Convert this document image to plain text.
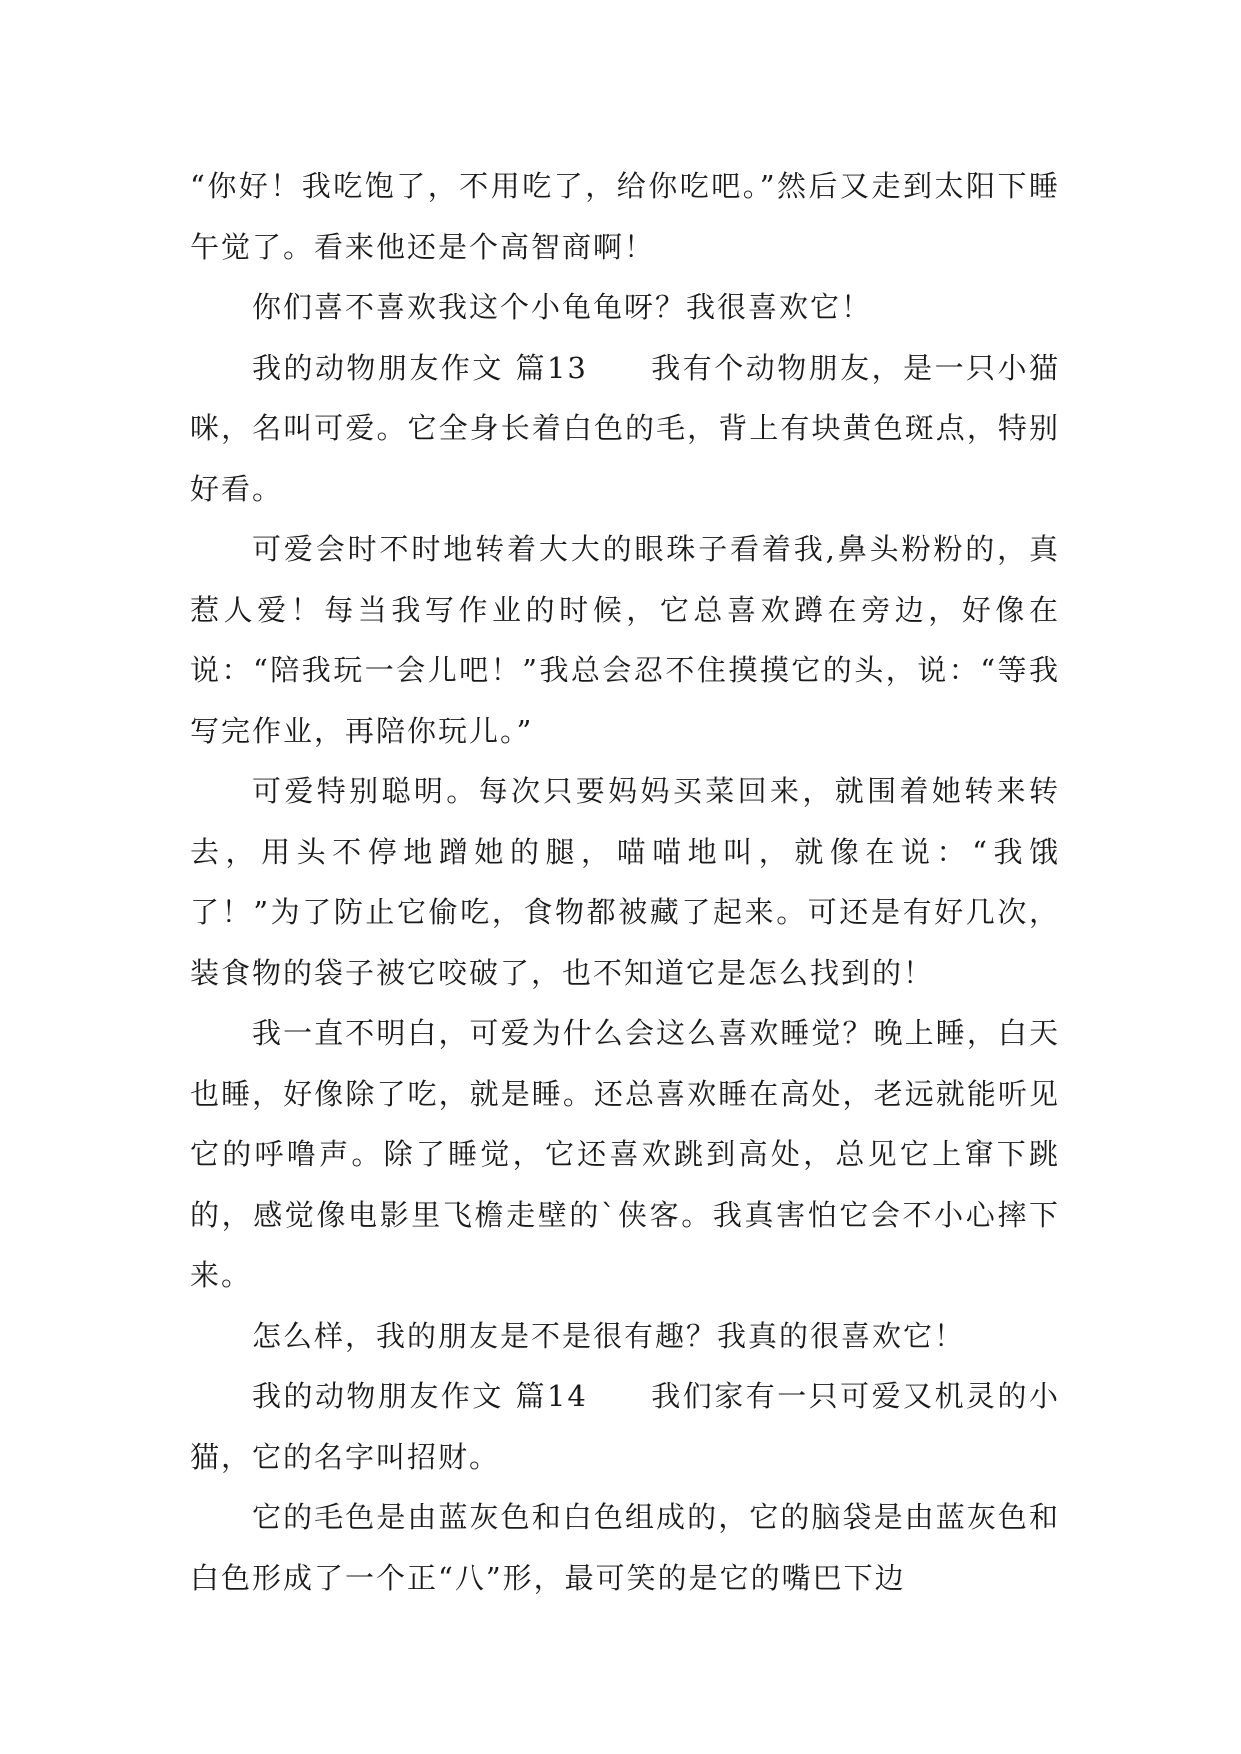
“你好！我吃饱了，不用吃了，给你吃吧。”然后又走到太阳下睡午觉了。看来他还是个高智商啊！

你们喜不喜欢我这个小龟龟呀？我很喜欢它！

我的动物朋友作文 篇13　　我有个动物朋友，是一只小猫咪，名叫可爱。它全身长着白色的毛，背上有块黄色斑点，特别好看。

可爱会时不时地转着大大的眼珠子看着我,鼻头粉粉的，真惹人爱！每当我写作业的时候，它总喜欢蹲在旁边，好像在说：“陪我玩一会儿吧！”我总会忍不住摸摸它的头，说：“等我写完作业，再陪你玩儿。”

可爱特别聪明。每次只要妈妈买菜回来，就围着她转来转去，用头不停地蹭她的腿，喵喵地叫，就像在说：“我饿了！”为了防止它偷吃，食物都被藏了起来。可还是有好几次，装食物的袋子被它咬破了，也不知道它是怎么找到的！

我一直不明白，可爱为什么会这么喜欢睡觉？晚上睡，白天也睡，好像除了吃，就是睡。还总喜欢睡在高处，老远就能听见它的呼噜声。除了睡觉，它还喜欢跳到高处，总见它上窜下跳的，感觉像电影里飞檐走壁的`侠客。我真害怕它会不小心摔下来。

怎么样，我的朋友是不是很有趣？我真的很喜欢它！

我的动物朋友作文 篇14　　我们家有一只可爱又机灵的小猫，它的名字叫招财。

它的毛色是由蓝灰色和白色组成的，它的脑袋是由蓝灰色和白色形成了一个正“八”形，最可笑的是它的嘴巴下边
